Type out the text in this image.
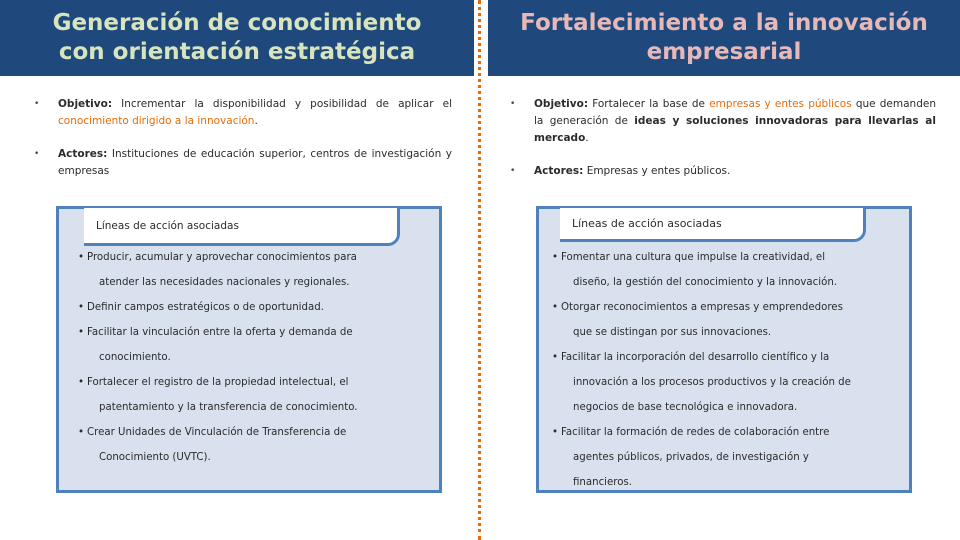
Generación de conocimiento
con orientación estratégica
Fortalecimiento a la innovación
empresarial
• Objetivo: Incrementar la disponibilidad y posibilidad de aplicar el conocimiento dirigido a la innovación.
• Actores: Instituciones de educación superior, centros de investigación y empresas
• Objetivo: Fortalecer la base de empresas y entes públicos que demanden la generación de ideas y soluciones innovadoras para llevarlas al mercado.
• Actores: Empresas y entes públicos.
Líneas de acción asociadas
• Producir, acumular y aprovechar conocimientos para
atender las necesidades nacionales y regionales.
• Definir campos estratégicos o de oportunidad.
• Facilitar la vinculación entre la oferta y demanda de
conocimiento.
• Fortalecer el registro de la propiedad intelectual, el
patentamiento y la transferencia de conocimiento.
• Crear Unidades de Vinculación de Transferencia de
Conocimiento (UVTC).
Líneas de acción asociadas
• Fomentar una cultura que impulse la creatividad, el
diseño, la gestión del conocimiento y la innovación.
• Otorgar reconocimientos a empresas y emprendedores
que se distingan por sus innovaciones.
• Facilitar la incorporación del desarrollo científico y la
innovación a los procesos productivos y la creación de
negocios de base tecnológica e innovadora.
• Facilitar la formación de redes de colaboración entre
agentes públicos, privados, de investigación y
financieros.
